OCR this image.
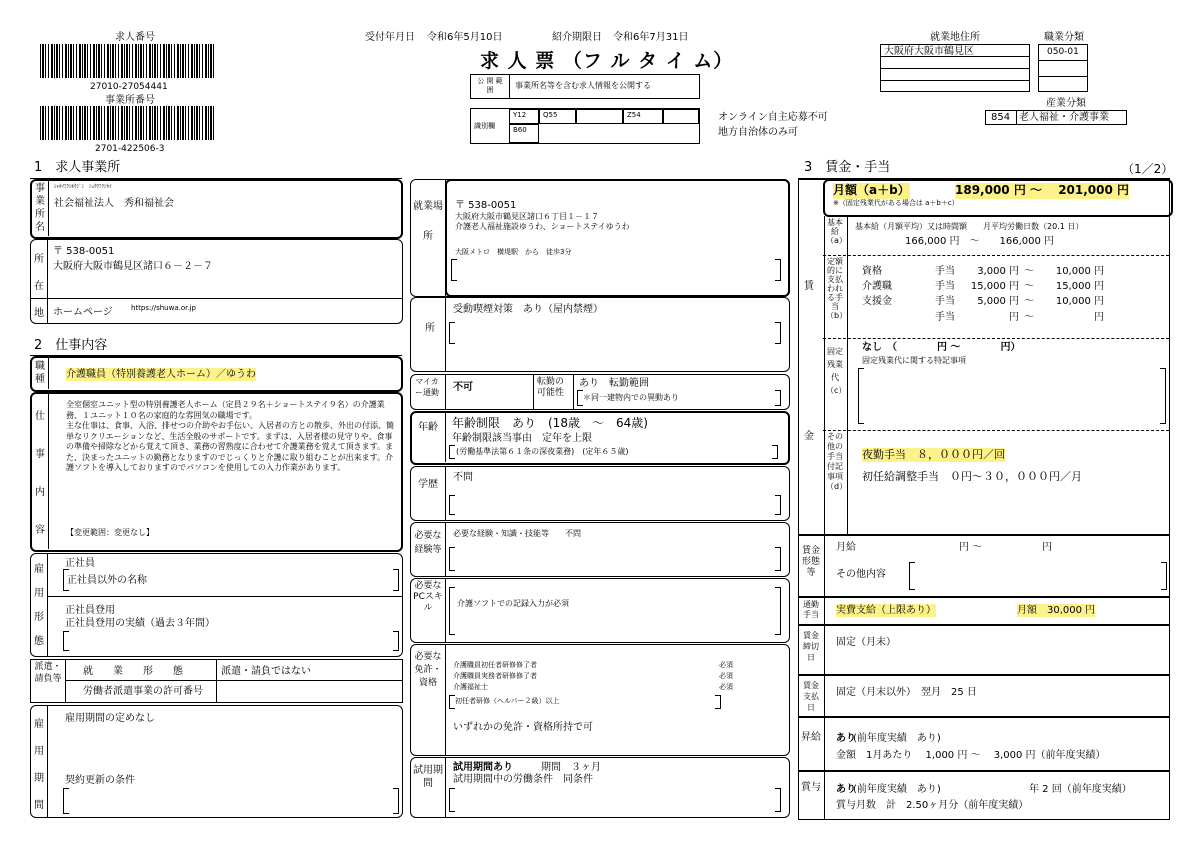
求人番号
27010-27054441
事業所番号
2701-422506-3
受付年月日 令和6年5月10日	紹介期限日 令和6年7月31日
求 人 票 （フ ル タ イ ム）
公 開 範 囲
事業所名等を含む求人情報を公開する
識別欄
Y12	Q55	Z54
B60
オンライン自主応募不可
地方自治体のみ可
就業地住所	職業分類
大阪府大阪市鶴見区	050-01
産業分類
854 老人福祉・介護事業
1　求人事業所
事業所名
ｼｬｶｲﾌｸｼﾎｳｼﾞﾝ　ｼｭｳﾜﾌｸｼｶｲ
社会福祉法人　秀和福祉会
所在地
〒 538-0051
大阪府大阪市鶴見区諸口６－２－７
ホームページ	https://shuwa.or.jp
2　仕事内容
職種 介護職員（特別養護老人ホーム）／ゆうわ
仕事内容
全室個室ユニット型の特別養護老人ホーム（定員２９名＋ショートステイ９名）の介護業務、１ユニット１０名の家庭的な雰囲気の職場です。
主な仕事は、食事、入浴、排せつの介助やお手伝い、入居者の方との散歩、外出の付添、簡単なリクリエーションなど、生活全般のサポートです。まずは、入居者様の見守りや、食事の準備や掃除などから覚えて頂き、業務の習熟度に合わせて介護業務を覚えて頂きます。また、決まったユニットの勤務となりますのでじっくりと介護に取り組むことが出来ます。介護ソフトを導入しておりますのでパソコンを使用しての入力作業があります。
【変更範囲：変更なし】
雇用形態
正社員
正社員以外の名称
正社員登用
正社員登用の実績（過去３年間）
派遣・請負等
就　　業　　形　　態	派遣・請負ではない
労働者派遣事業の許可番号
雇用期間
雇用期間の定めなし
契約更新の条件
就業場所
〒 538-0051
大阪府大阪市鶴見区諸口６丁目１－１７
介護老人福祉施設ゆうわ、ショートステイゆうわ
大阪メトロ　横堤駅　から　徒歩3分
所
受動喫煙対策　あり（屋内禁煙）
マイカー通勤	不可	転勤の可能性
あり　転勤範囲
＊同一建物内での異動あり
年齢	年齢制限　あり　(18歳　～　64歳)
年齢制限該当事由　定年を上限
(労働基準法第６１条の深夜業務)　(定年６５歳)
学歴
不問
必要な経験等
必要な経験・知識・技能等　　不問
必要なPCスキル	介護ソフトでの記録入力が必須
必要な免許・資格
介護職員初任者研修修了者	必須
介護職員実務者研修修了者	必須
介護福祉士	必須
初任者研修（ヘルパー２級）以上
いずれかの免許・資格所持で可
試用期間
試用期間あり	期間　３ヶ月
試用期間中の労働条件　同条件
3　賃金・手当	（1／2）
賃
金
月額（a＋b）	189,000 円 ～　 201,000 円
※（固定残業代がある場合は a＋b＋c）
基本給（a）
基本給（月額平均）又は時間額　　月平均労働日数（20.1 日）
166,000 円　～　　166,000 円
定額的に支払われる手当（b）
資格	手当	3,000 円 ～	10,000 円
介護職	手当	15,000 円 ～	15,000 円
支援金	手当	5,000 円 ～	10,000 円
手当	円 ～	円
固定残業代（c）
なし　（　　　　円 ～　　　　円）
固定残業代に関する特記事項
その他の手当付記事項（d）
夜勤手当　８，０００円／回
初任給調整手当　０円～３０，０００円／月
賃金形態等
月給	円 ～　　　　　　円
その他内容
通勤手当	実費支給（上限あり）	月額　30,000 円
賃金締切日
固定（月末）
賃金支払日
固定（月末以外）　翌月　25 日
昇給 あり
(前年度実績　あり)
金額　1月あたり　 1,000 円 ～　 3,000 円（前年度実績）
賞与 あり
(前年度実績　あり)	年 2 回（前年度実績）
賞与月数　計　2.50ヶ月分（前年度実績）
